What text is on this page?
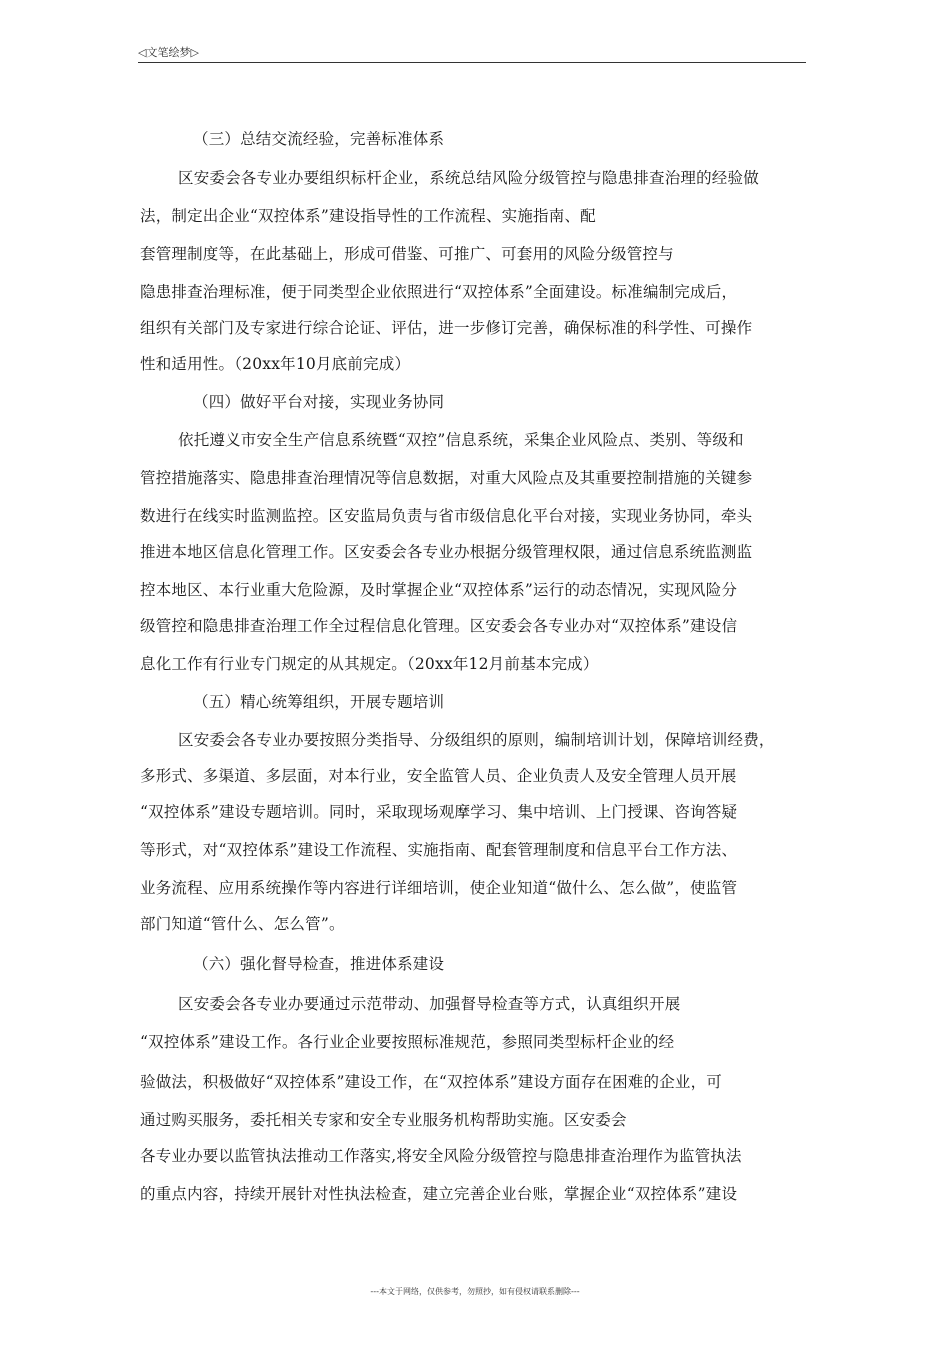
◁文笔绘梦▷
（三）总结交流经验，完善标准体系
区安委会各专业办要组织标杆企业，系统总结风险分级管控与隐患排查治理的经验做
法，制定出企业“双控体系”建设指导性的工作流程、实施指南、配
套管理制度等，在此基础上，形成可借鉴、可推广、可套用的风险分级管控与
隐患排查治理标准，便于同类型企业依照进行“双控体系”全面建设。标准编制完成后，
组织有关部门及专家进行综合论证、评估，进一步修订完善，确保标准的科学性、可操作
性和适用性。（20xx年10月底前完成）
（四）做好平台对接，实现业务协同
依托遵义市安全生产信息系统暨“双控”信息系统，采集企业风险点、类别、等级和
管控措施落实、隐患排查治理情况等信息数据，对重大风险点及其重要控制措施的关键参
数进行在线实时监测监控。区安监局负责与省市级信息化平台对接，实现业务协同，牵头
推进本地区信息化管理工作。区安委会各专业办根据分级管理权限，通过信息系统监测监
控本地区、本行业重大危险源，及时掌握企业“双控体系”运行的动态情况，实现风险分
级管控和隐患排查治理工作全过程信息化管理。区安委会各专业办对“双控体系”建设信
息化工作有行业专门规定的从其规定。（20xx年12月前基本完成）
（五）精心统筹组织，开展专题培训
区安委会各专业办要按照分类指导、分级组织的原则，编制培训计划，保障培训经费，
多形式、多渠道、多层面，对本行业，安全监管人员、企业负责人及安全管理人员开展
“双控体系”建设专题培训。同时，采取现场观摩学习、集中培训、上门授课、咨询答疑
等形式，对“双控体系”建设工作流程、实施指南、配套管理制度和信息平台工作方法、
业务流程、应用系统操作等内容进行详细培训，使企业知道“做什么、怎么做”，使监管
部门知道“管什么、怎么管”。
（六）强化督导检查，推进体系建设
区安委会各专业办要通过示范带动、加强督导检查等方式，认真组织开展
“双控体系”建设工作。各行业企业要按照标准规范，参照同类型标杆企业的经
验做法，积极做好“双控体系”建设工作，在“双控体系”建设方面存在困难的企业，可
通过购买服务，委托相关专家和安全专业服务机构帮助实施。区安委会
各专业办要以监管执法推动工作落实,将安全风险分级管控与隐患排查治理作为监管执法
的重点内容，持续开展针对性执法检查，建立完善企业台账，掌握企业“双控体系”建设
---本文于网络，仅供参考，勿照抄，如有侵权请联系删除---
